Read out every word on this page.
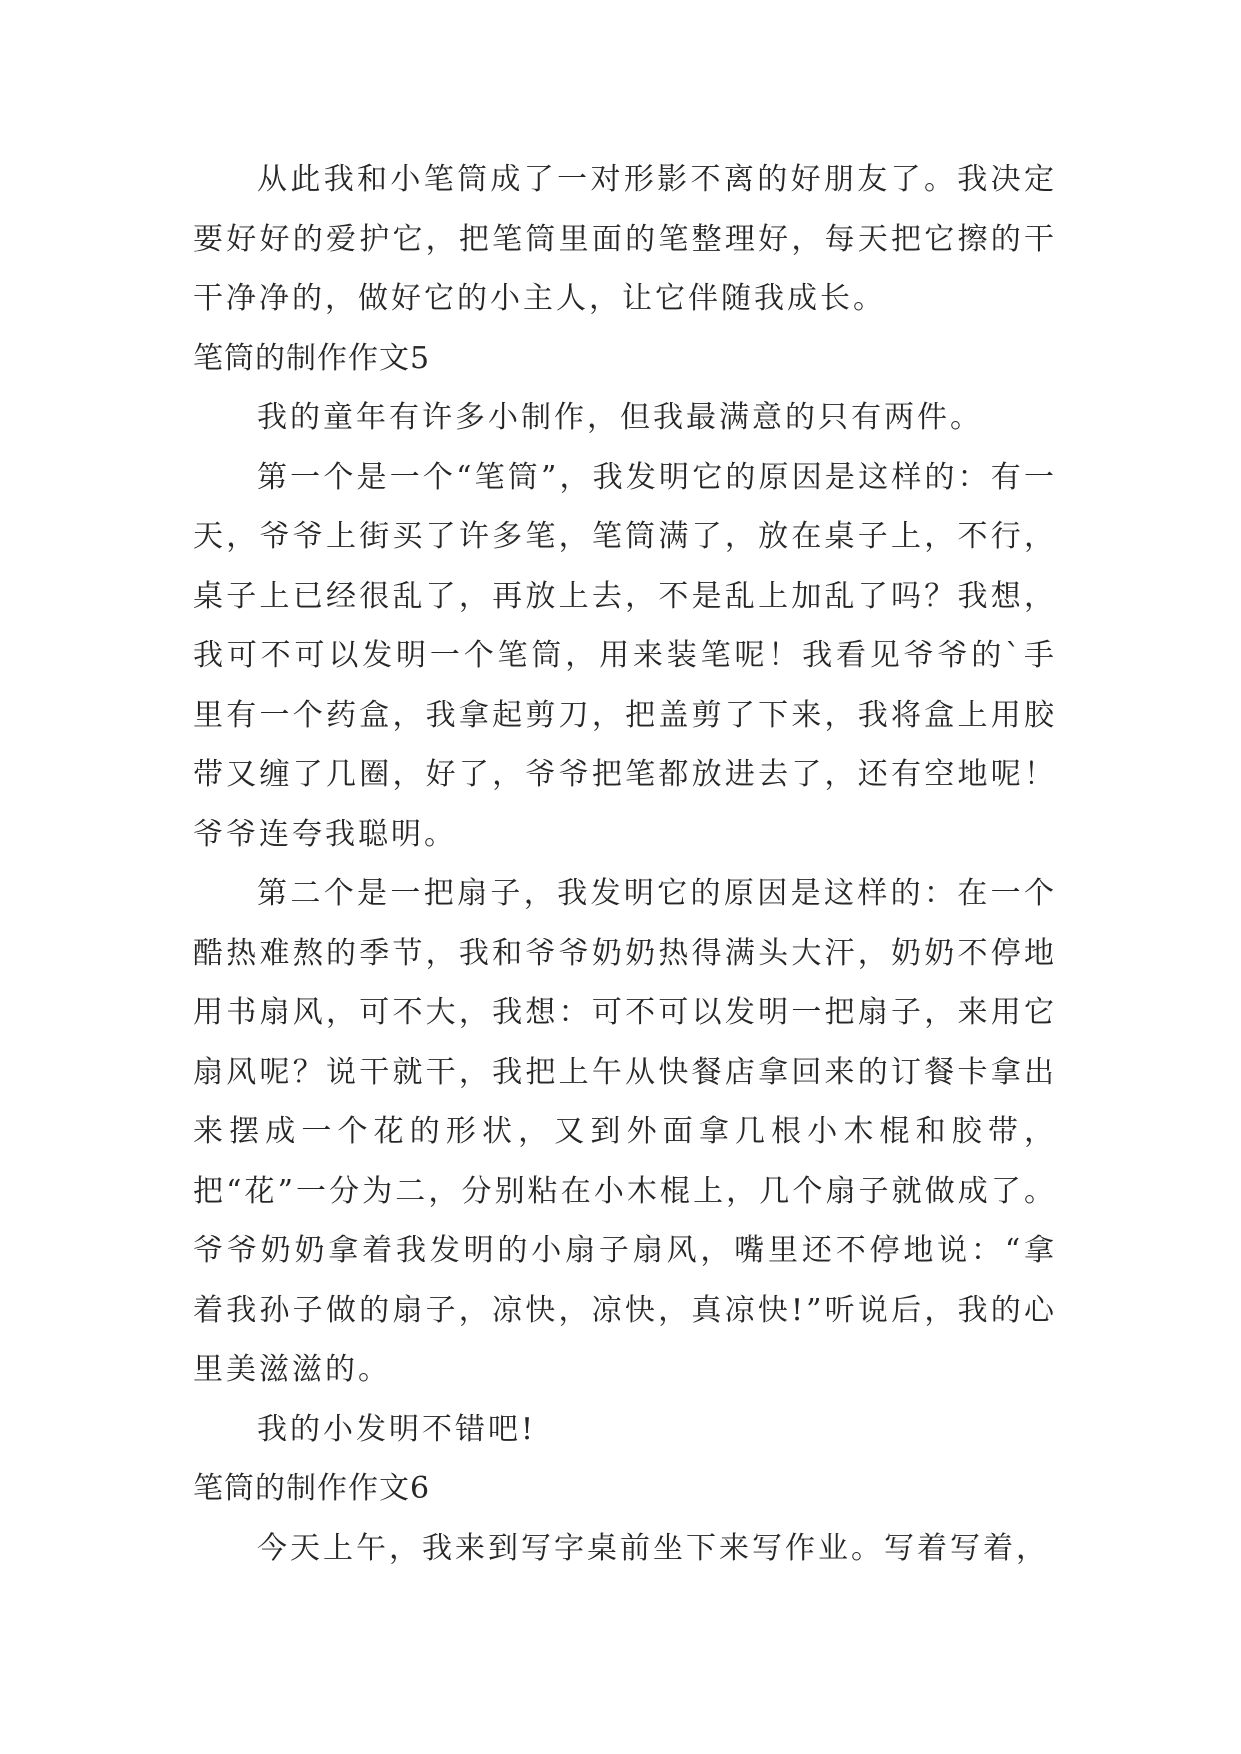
从此我和小笔筒成了一对形影不离的好朋友了。我决定要好好的爱护它，把笔筒里面的笔整理好，每天把它擦的干干净净的，做好它的小主人，让它伴随我成长。

笔筒的制作作文5

我的童年有许多小制作，但我最满意的只有两件。

第一个是一个“笔筒”，我发明它的原因是这样的：有一天，爷爷上街买了许多笔，笔筒满了，放在桌子上，不行，桌子上已经很乱了，再放上去，不是乱上加乱了吗？我想，我可不可以发明一个笔筒，用来装笔呢！我看见爷爷的`手里有一个药盒，我拿起剪刀，把盖剪了下来，我将盒上用胶带又缠了几圈，好了，爷爷把笔都放进去了，还有空地呢！爷爷连夸我聪明。

第二个是一把扇子，我发明它的原因是这样的：在一个酷热难熬的季节，我和爷爷奶奶热得满头大汗，奶奶不停地用书扇风，可不大，我想：可不可以发明一把扇子，来用它扇风呢？说干就干，我把上午从快餐店拿回来的订餐卡拿出来摆成一个花的形状，又到外面拿几根小木棍和胶带，把“花”一分为二，分别粘在小木棍上，几个扇子就做成了。爷爷奶奶拿着我发明的小扇子扇风，嘴里还不停地说：“拿着我孙子做的扇子，凉快，凉快，真凉快!”听说后，我的心里美滋滋的。

我的小发明不错吧!

笔筒的制作作文6

今天上午，我来到写字桌前坐下来写作业。写着写着，
